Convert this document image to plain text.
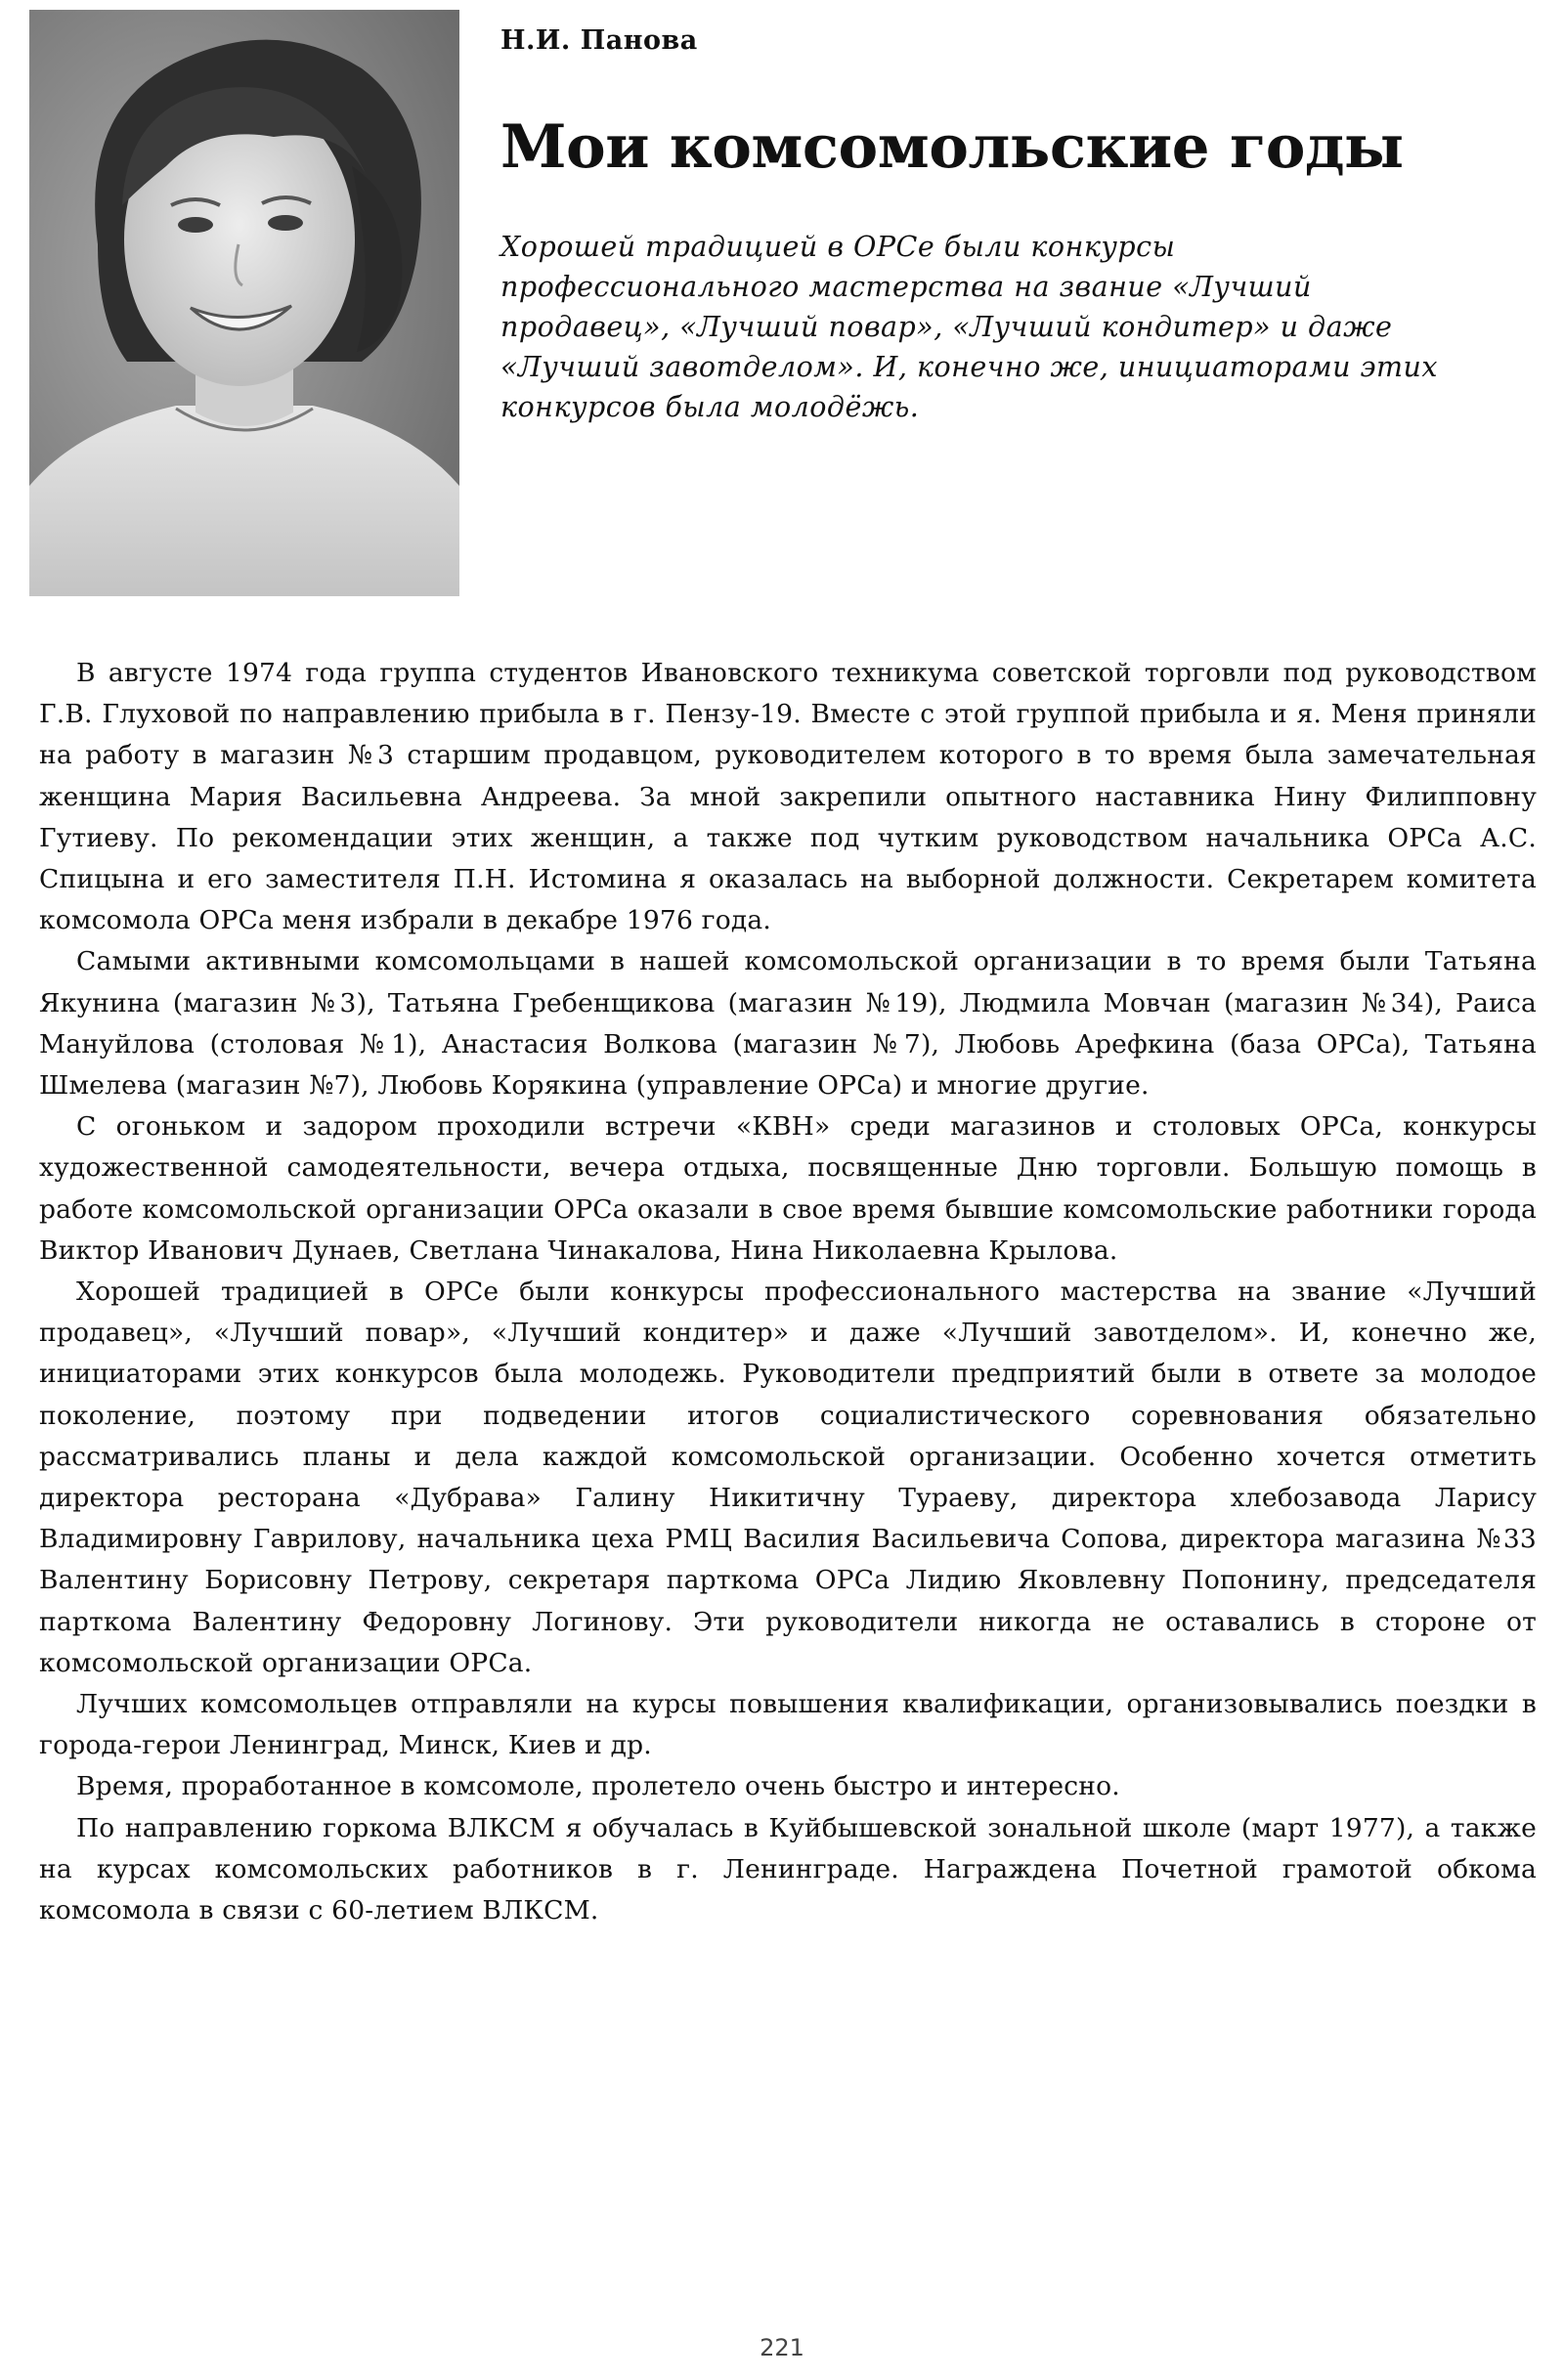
Н.И. Панова
Мои комсомольские годы

Хорошей традицией в ОРСе были конкурсы профессионального мастерства на звание «Лучший продавец», «Лучший повар», «Лучший кондитер» и даже «Лучший завотделом». И, конечно же, инициаторами этих конкурсов была молодёжь.

В августе 1974 года группа студентов Ивановского техникума советской торговли под руководством Г.В. Глуховой по направлению прибыла в г. Пензу-19. Вместе с этой группой прибыла и я. Меня приняли на работу в магазин №3 старшим продавцом, руководителем которого в то время была замечательная женщина Мария Васильевна Андреева. За мной закрепили опытного наставника Нину Филипповну Гутиеву. По рекомендации этих женщин, а также под чутким руководством начальника ОРСа А.С. Спицына и его заместителя П.Н. Истомина я оказалась на выборной должности. Секретарем комитета комсомола ОРСа меня избрали в декабре 1976 года.

Самыми активными комсомольцами в нашей комсомольской организации в то время были Татьяна Якунина (магазин №3), Татьяна Гребенщикова (магазин №19), Людмила Мовчан (магазин №34), Раиса Мануйлова (столовая №1), Анастасия Волкова (магазин №7), Любовь Арефкина (база ОРСа), Татьяна Шмелева (магазин №7), Любовь Корякина (управление ОРСа) и многие другие.

С огоньком и задором проходили встречи «КВН» среди магазинов и столовых ОРСа, конкурсы художественной самодеятельности, вечера отдыха, посвященные Дню торговли. Большую помощь в работе комсомольской организации ОРСа оказали в свое время бывшие комсомольские работники города Виктор Иванович Дунаев, Светлана Чинакалова, Нина Николаевна Крылова.

Хорошей традицией в ОРСе были конкурсы профессионального мастерства на звание «Лучший продавец», «Лучший повар», «Лучший кондитер» и даже «Лучший завотделом». И, конечно же, инициаторами этих конкурсов была молодежь. Руководители предприятий были в ответе за молодое поколение, поэтому при подведении итогов социалистического соревнования обязательно рассматривались планы и дела каждой комсомольской организации. Особенно хочется отметить директора ресторана «Дубрава» Галину Никитичну Тураеву, директора хлебозавода Ларису Владимировну Гаврилову, начальника цеха РМЦ Василия Васильевича Сопова, директора магазина №33 Валентину Борисовну Петрову, секретаря парткома ОРСа Лидию Яковлевну Попонину, председателя парткома Валентину Федоровну Логинову. Эти руководители никогда не оставались в стороне от комсомольской организации ОРСа.

Лучших комсомольцев отправляли на курсы повышения квалификации, организовывались поездки в города-герои Ленинград, Минск, Киев и др.

Время, проработанное в комсомоле, пролетело очень быстро и интересно.

По направлению горкома ВЛКСМ я обучалась в Куйбышевской зональной школе (март 1977), а также на курсах комсомольских работников в г. Ленинграде. Награждена Почетной грамотой обкома комсомола в связи с 60-летием ВЛКСМ.

221
